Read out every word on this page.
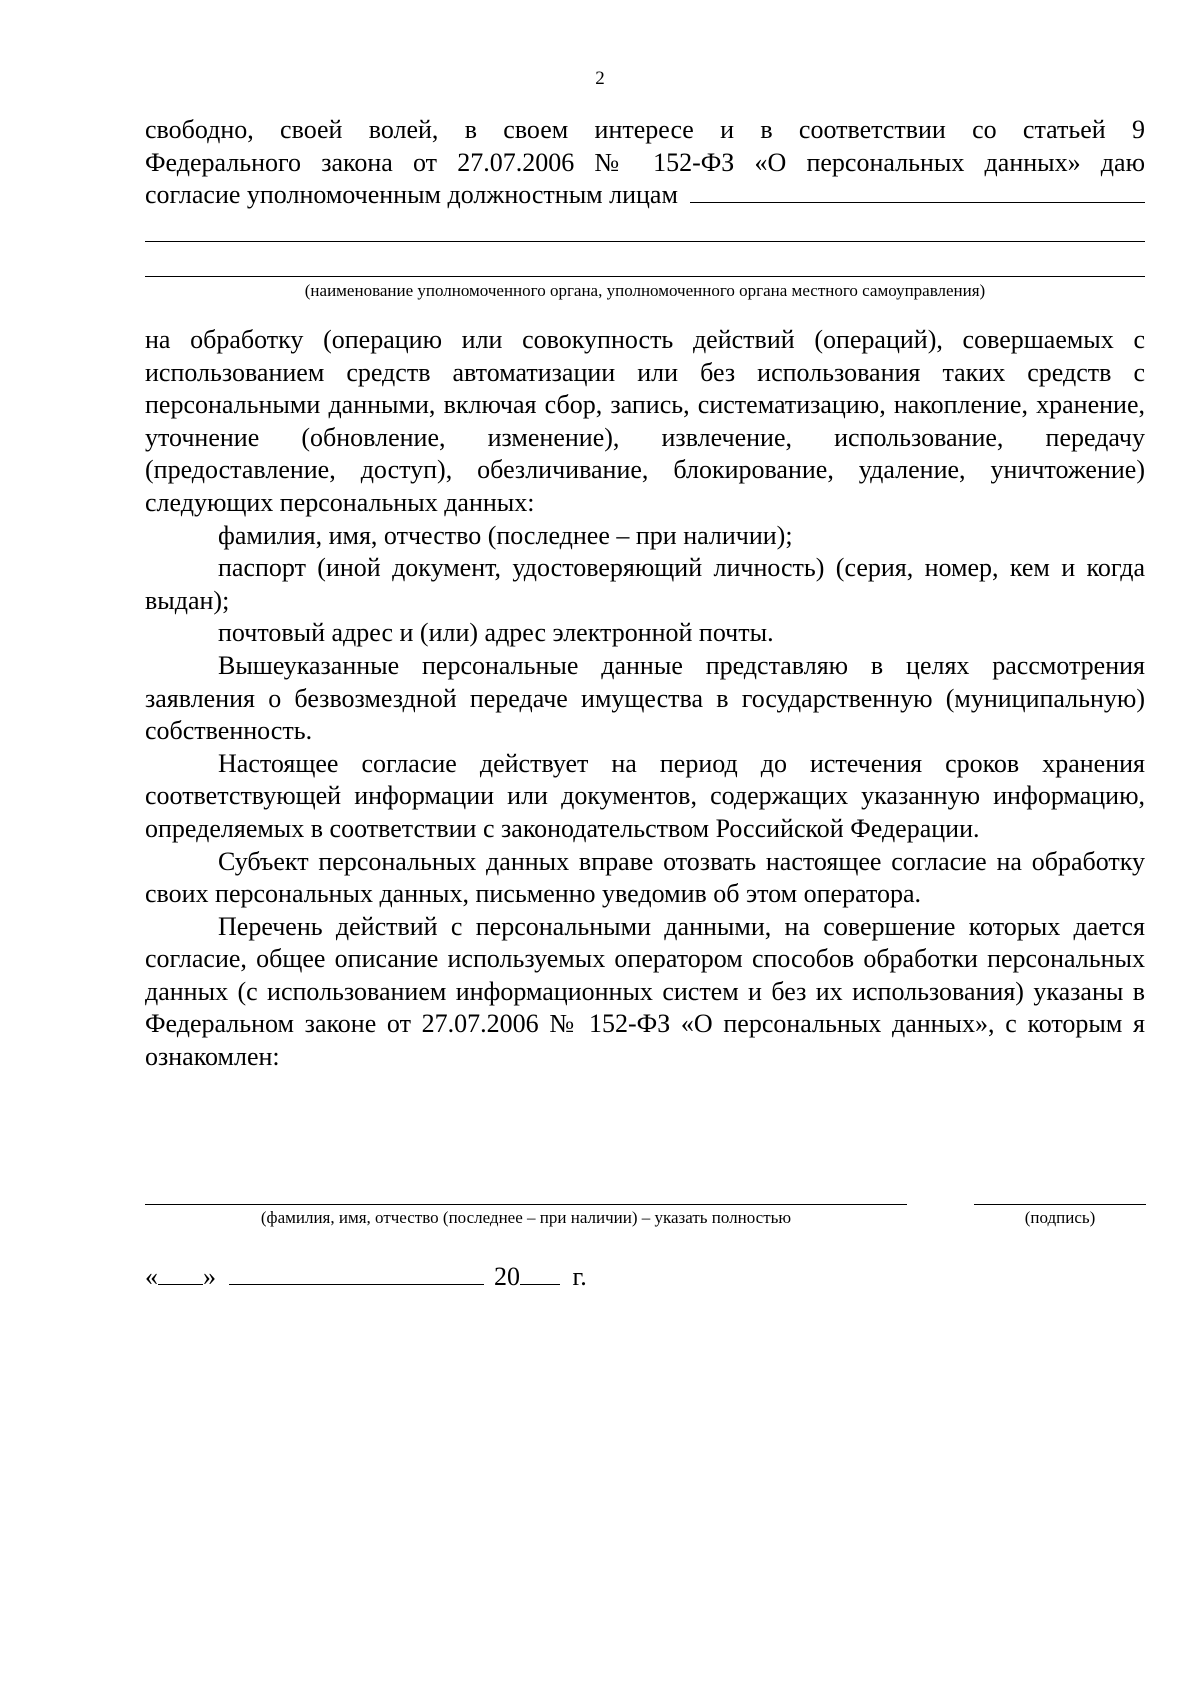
2
свободно, своей волей, в своем интересе и в соответствии со статьей 9
Федерального закона от 27.07.2006 № 152-ФЗ «О персональных данных» даю
согласие уполномоченным должностным лицам
(наименование уполномоченного органа, уполномоченного органа местного самоуправления)
на обработку (операцию или совокупность действий (операций), совершаемых с использованием средств автоматизации или без использования таких средств с персональными данными, включая сбор, запись, систематизацию, накопление, хранение, уточнение (обновление, изменение), извлечение, использование, передачу (предоставление, доступ), обезличивание, блокирование, удаление, уничтожение) следующих персональных данных:
фамилия, имя, отчество (последнее – при наличии);
паспорт (иной документ, удостоверяющий личность) (серия, номер, кем и когда выдан);
почтовый адрес и (или) адрес электронной почты.
Вышеуказанные персональные данные представляю в целях рассмотрения заявления о безвозмездной передаче имущества в государственную (муниципальную) собственность.
Настоящее согласие действует на период до истечения сроков хранения соответствующей информации или документов, содержащих указанную информацию, определяемых в соответствии с законодательством Российской Федерации.
Субъект персональных данных вправе отозвать настоящее согласие на обработку своих персональных данных, письменно уведомив об этом оператора.
Перечень действий с персональными данными, на совершение которых дается согласие, общее описание используемых оператором способов обработки персональных данных (с использованием информационных систем и без их использования) указаны в Федеральном законе от 27.07.2006 № 152-ФЗ «О персональных данных», с которым я ознакомлен:
(фамилия, имя, отчество (последнее – при наличии) – указать полностью	(подпись)
« »	20 г.
